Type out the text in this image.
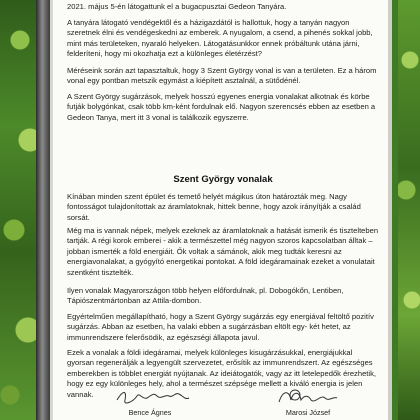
2021. május 5-én látogattunk el a bugacpusztai Gedeon Tanyára.

A tanyára látogató vendégektől és a házigazdától is hallottuk, hogy a tanyán nagyon szeretnek élni és vendégeskedni az emberek. A nyugalom, a csend, a pihenés sokkal jobb, mint más területeken, nyaraló helyeken. Látogatásunkkor ennek próbáltunk utána járni, felderíteni, hogy mi okozhatja ezt a különleges életérzést?

Méréseink során azt tapasztaltuk, hogy 3 Szent György vonal is van a területen. Ez a három vonal egy pontban metszik egymást a kiépített asztalnál, a sütődénél.

A Szent György sugárzások, melyek hosszú egyenes energia vonalakat alkotnak és körbe futják bolygónkat, csak több km-ként fordulnak elő. Nagyon szerencsés ebben az esetben a Gedeon Tanya, mert itt 3 vonal is találkozik egyszerre.

Szent György vonalak

Kínában minden szent épület és temető helyét mágikus úton határozták meg. Nagy fontosságot tulajdonítottak az áramlatoknak, hittek benne, hogy azok irányítják a család sorsát.

Még ma is vannak népek, melyek ezeknek az áramlatoknak a hatását ismerik és tisztelteben tartják. A régi korok emberei - akik a természettel még nagyon szoros kapcsolatban álltak – jobban ismerték a föld energiáit. Ők voltak a sámánok, akik meg tudták keresni az energiavonalakat, a gyógyító energetikai pontokat. A föld idegáramainak ezeket a vonulatait szentként tisztelték.

Ilyen vonalak Magyarországon több helyen előfordulnak, pl. Dobogókőn, Lentiben, Tápiószentmártonban az Attila-dombon.

Egyértelműen megállapítható, hogy a Szent György sugárzás egy energiával feltöltő pozitív sugárzás. Abban az esetben, ha valaki ebben a sugárzásban eltölt egy- két hetet, az immunrendszere felerősödik, az egészségi állapota javul.

Ezek a vonalak a földi idegáramai, melyek különleges kisugárzásukkal, energiájukkal gyorsan regenerálják a legyengült szervezetet, erősítik az immunrendszert. Az egészséges emberekben is többlet energiát nyújtanak. Az ideiátogatók, vagy az itt letelepedők érezhetik, hogy ez egy különleges hely, ahol a természet szépsége mellett a kiváló energia is jelen vannak.

Bence Ágnes	Marosi József
